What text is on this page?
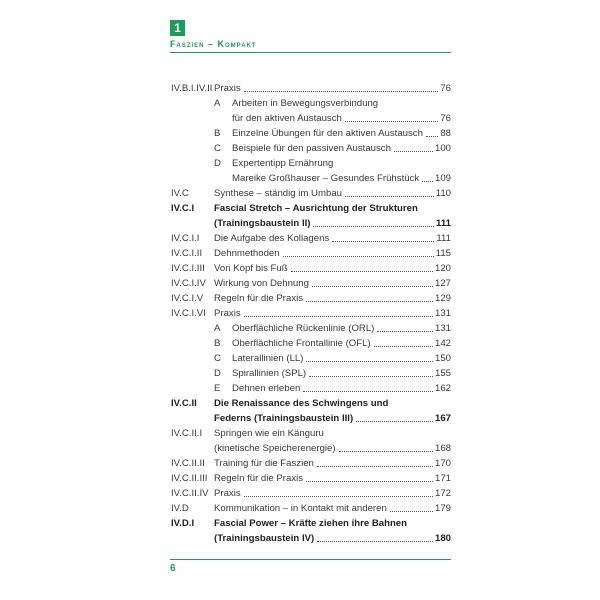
1
Faszien – Kompakt
IV.B.I.IV.II Praxis	76
A Arbeiten in Bewegungsverbindung
für den aktiven Austausch	76
B Einzelne Übungen für den aktiven Austausch 88
C Beispiele für den passiven Austausch	100
D Expertentipp Ernährung
Mareike Großhauser – Gesundes Frühstück 109
IV.C	Synthese – ständig im Umbau	110
IV.C.I Fascial Stretch – Ausrichtung der Strukturen
(Trainingsbaustein II)	111
IV.C.I.I Die Aufgabe des Kollagens	111
IV.C.I.II Dehnmethoden	115
IV.C.I.III Von Kopf bis Fuß	120
IV.C.I.IV Wirkung von Dehnung	127
IV.C.I.V Regeln für die Praxis	129
IV.C.I.VI Praxis	131
A Oberflächliche Rückenlinie (ORL)	131
B Oberflächliche Frontallinie (OFL)	142
C Laterallinien (LL)	150
D Spirallinien (SPL)	155
E Dehnen erleben	162
IV.C.II Die Renaissance des Schwingens und
Federns (Trainingsbaustein III)	167
IV.C.II.I Springen wie ein Känguru
(kinetische Speicherenergie)	168
IV.C.II.II Training für die Faszien	170
IV.C.II.III Regeln für die Praxis	171
IV.C.II.IV Praxis	172
IV.D	Kommunikation – in Kontakt mit anderen	179
IV.D.I Fascial Power – Kräfte ziehen ihre Bahnen
(Trainingsbaustein IV)	180
6
